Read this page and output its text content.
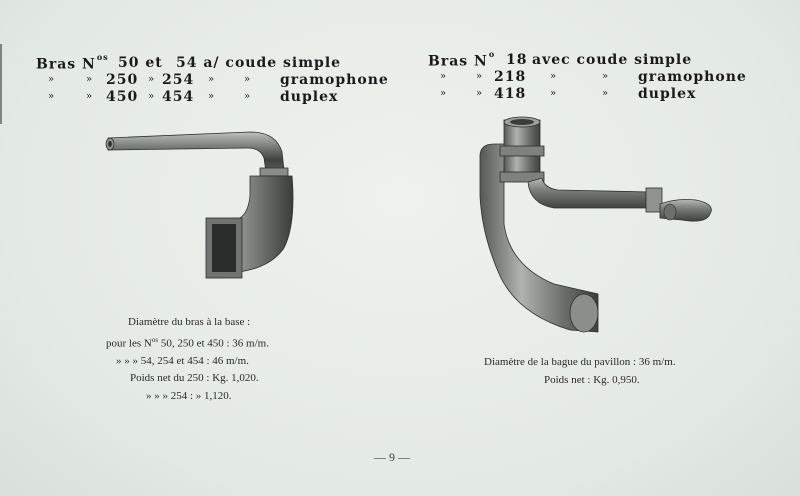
Bras $N^{os}$ 50 et 54 a/ coude simple
»	» 250 » 254 »	» gramophone
»	» 450 » 454 »	» duplex
Bras $N^o$ 18 avec coude simple
»	» 218 »	» gramophone
»	» 418 »	» duplex
Diamètre du bras à la base :
pour les $N^{os}$ 50, 250 et 450 : 36 m/m.
» » » 54, 254 et 454 : 46 m/m.
Poids net du 250 : Kg. 1,020.
» » » 254 : » 1,120.
Diamètre de la bague du pavillon : 36 m/m.
Poids net : Kg. 0,950.
— 9 —
